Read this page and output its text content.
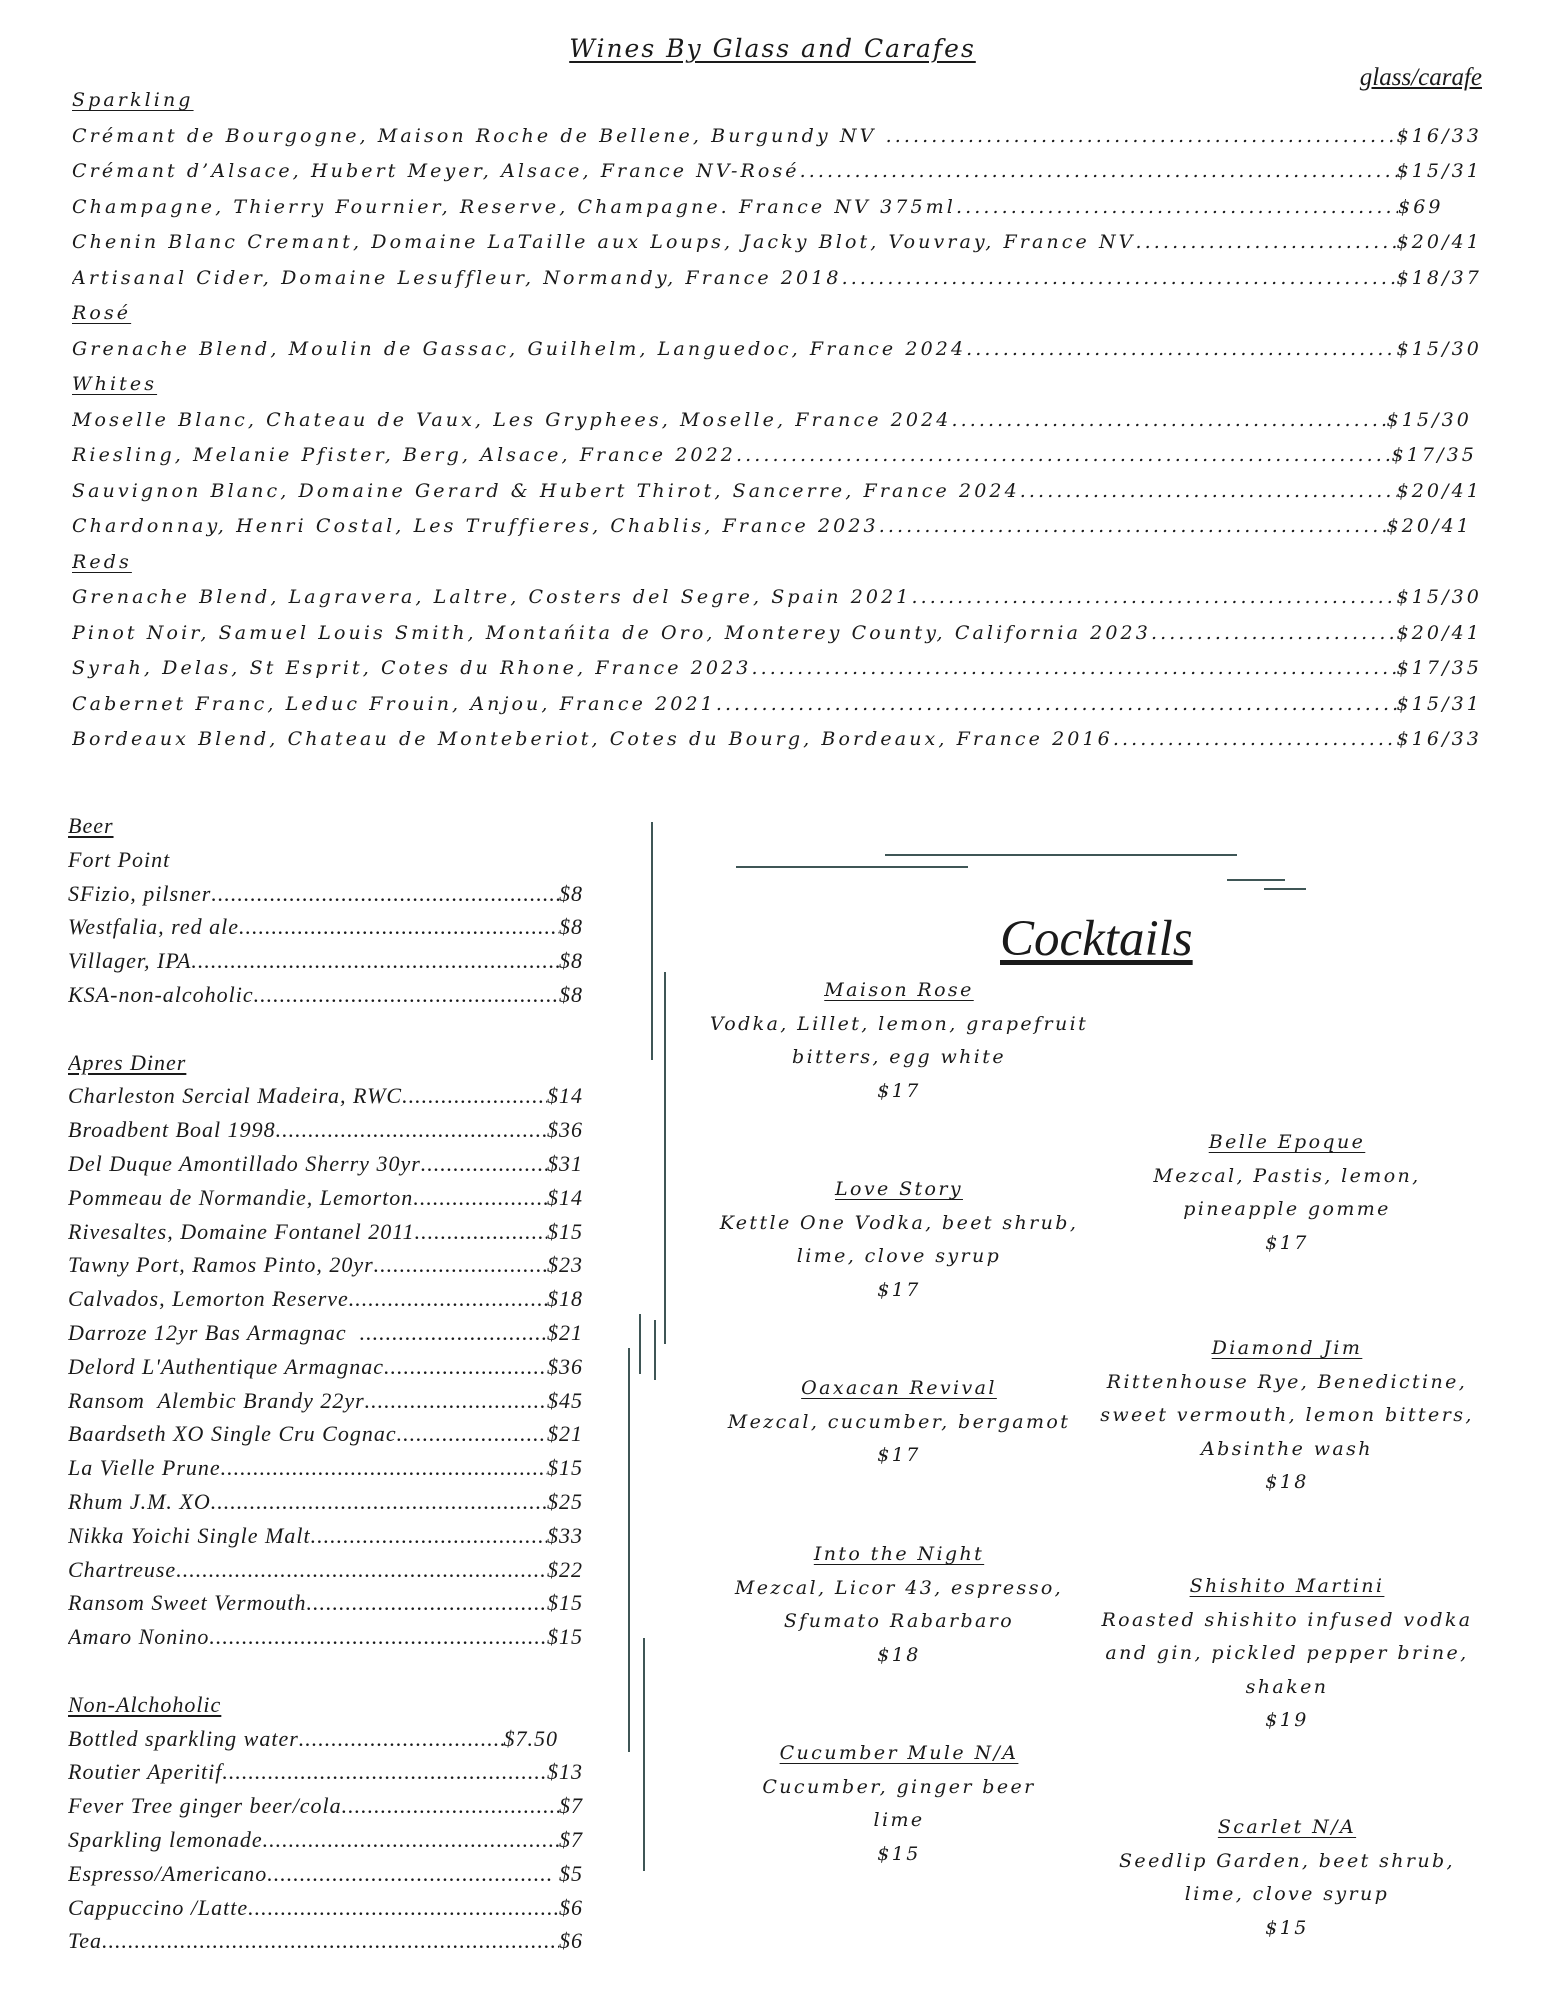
Wines By Glass and Carafes
glass/carafe
Sparkling
Crémant de Bourgogne, Maison Roche de Bellene, Burgundy NV ................................. .....	$16/33
Crémant d’Alsace, Hubert Meyer, Alsace, France NV-Rosé .....	$15/31
Champagne, Thierry Fournier, Reserve, Champagne. France NV 375ml .....	$69
Chenin Blanc Cremant, Domaine LaTaille aux Loups, Jacky Blot, Vouvray, France NV .....	$20/41
Artisanal Cider, Domaine Lesuffleur, Normandy, France 2018 .....	$18/37
Rosé
Grenache Blend, Moulin de Gassac, Guilhelm, Languedoc, France 2024 .....	$15/30
Whites
Moselle Blanc, Chateau de Vaux, Les Gryphees, Moselle, France 2024 .....	$15/30
Riesling, Melanie Pfister, Berg, Alsace, France 2022 .....	$17/35
Sauvignon Blanc, Domaine Gerard & Hubert Thirot, Sancerre, France 2024 .....	$20/41
Chardonnay, Henri Costal, Les Truffieres, Chablis, France 2023 .....	$20/41
Reds
Grenache Blend, Lagravera, Laltre, Costers del Segre, Spain 2021 .....	$15/30
Pinot Noir, Samuel Louis Smith, Montańita de Oro, Monterey County, California 2023 .....	$20/41
Syrah, Delas, St Esprit, Cotes du Rhone, France 2023 .....	$17/35
Cabernet Franc, Leduc Frouin, Anjou, France 2021 .....	$15/31
Bordeaux Blend, Chateau de Monteberiot, Cotes du Bourg, Bordeaux, France 2016 .....	$16/33
Beer
Fort Point
SFizio, pilsner .....	$8
Westfalia, red ale .....	$8
Villager, IPA .....	$8
KSA-non-alcoholic .....	$8
Apres Diner
Charleston Sercial Madeira, RWC .....	$14
Broadbent Boal 1998 .....	$36
Del Duque Amontillado Sherry 30yr .....	$31
Pommeau de Normandie, Lemorton .....	$14
Rivesaltes, Domaine Fontanel 2011 .....	$15
Tawny Port, Ramos Pinto, 20yr .....	$23
Calvados, Lemorton Reserve .....	$18
Darroze 12yr Bas Armagnac .....	$21
Delord L'Authentique Armagnac .....	$36
Ransom  Alembic Brandy 22yr .....	$45
Baardseth XO Single Cru Cognac .....	$21
La Vielle Prune .....	$15
Rhum J.M. XO .....	$25
Nikka Yoichi Single Malt .....	$33
Chartreuse .....	$22
Ransom Sweet Vermouth .....	$15
Amaro Nonino .....	$15
Non-Alchoholic
Bottled sparkling water .....	$7.50
Routier Aperitif .....	$13
Fever Tree ginger beer/cola .....	$7
Sparkling lemonade .....	$7
Espresso/Americano .....	$5
Cappuccino /Latte .....	$6
Tea .....	$6
Cocktails
Maison Rose
Vodka, Lillet, lemon, grapefruit
bitters, egg white
$17
Love Story
Kettle One Vodka, beet shrub,
lime, clove syrup
$17
Oaxacan Revival
Mezcal, cucumber, bergamot
$17
Into the Night
Mezcal, Licor 43, espresso,
Sfumato Rabarbaro
$18
Cucumber Mule N/A
Cucumber, ginger beer
lime
$15
Belle Epoque
Mezcal, Pastis, lemon,
pineapple gomme
$17
Diamond Jim
Rittenhouse Rye, Benedictine,
sweet vermouth, lemon bitters,
Absinthe wash
$18
Shishito Martini
Roasted shishito infused vodka
and gin, pickled pepper brine,
shaken
$19
Scarlet N/A
Seedlip Garden, beet shrub,
lime, clove syrup
$15
